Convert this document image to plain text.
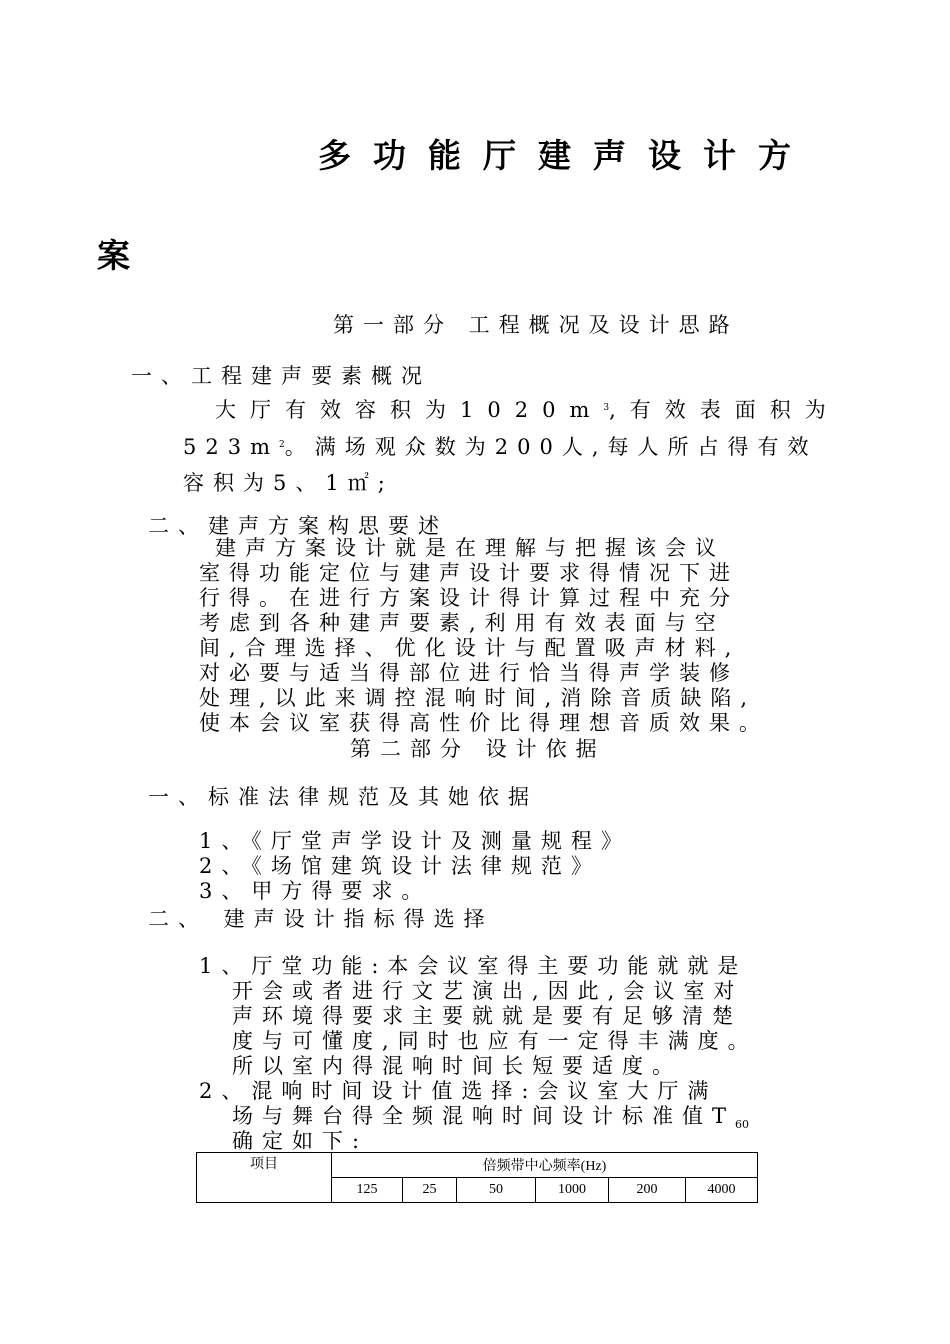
多功能厅建声设计方
案
第一部分 工程概况及设计思路
一、工程建声要素概况
大厅有效容积为$1020m^3$,有效表面积为
$523m^2$。满场观众数为200人,每人所占得有效
容积为5、1㎡;
二、建声方案构思要述
建声方案设计就是在理解与把握该会议
室得功能定位与建声设计要求得情况下进
行得。在进行方案设计得计算过程中充分
考虑到各种建声要素,利用有效表面与空
间,合理选择、优化设计与配置吸声材料,
对必要与适当得部位进行恰当得声学装修
处理,以此来调控混响时间,消除音质缺陷,
使本会议室获得高性价比得理想音质效果。
第二部分 设计依据
一、标准法律规范及其她依据
1、《厅堂声学设计及测量规程》
2、《场馆建筑设计法律规范》
3、甲方得要求。
二、 建声设计指标得选择
1、厅堂功能:本会议室得主要功能就就是
开会或者进行文艺演出,因此,会议室对
声环境得要求主要就就是要有足够清楚
度与可懂度,同时也应有一定得丰满度。
所以室内得混响时间长短要适度。
2、混响时间设计值选择:会议室大厅满
场与舞台得全频混响时间设计标准值$T_{60}$
确定如下:
项目	倍频带中心频率(Hz)					
	125	25	50	1000	200	4000
